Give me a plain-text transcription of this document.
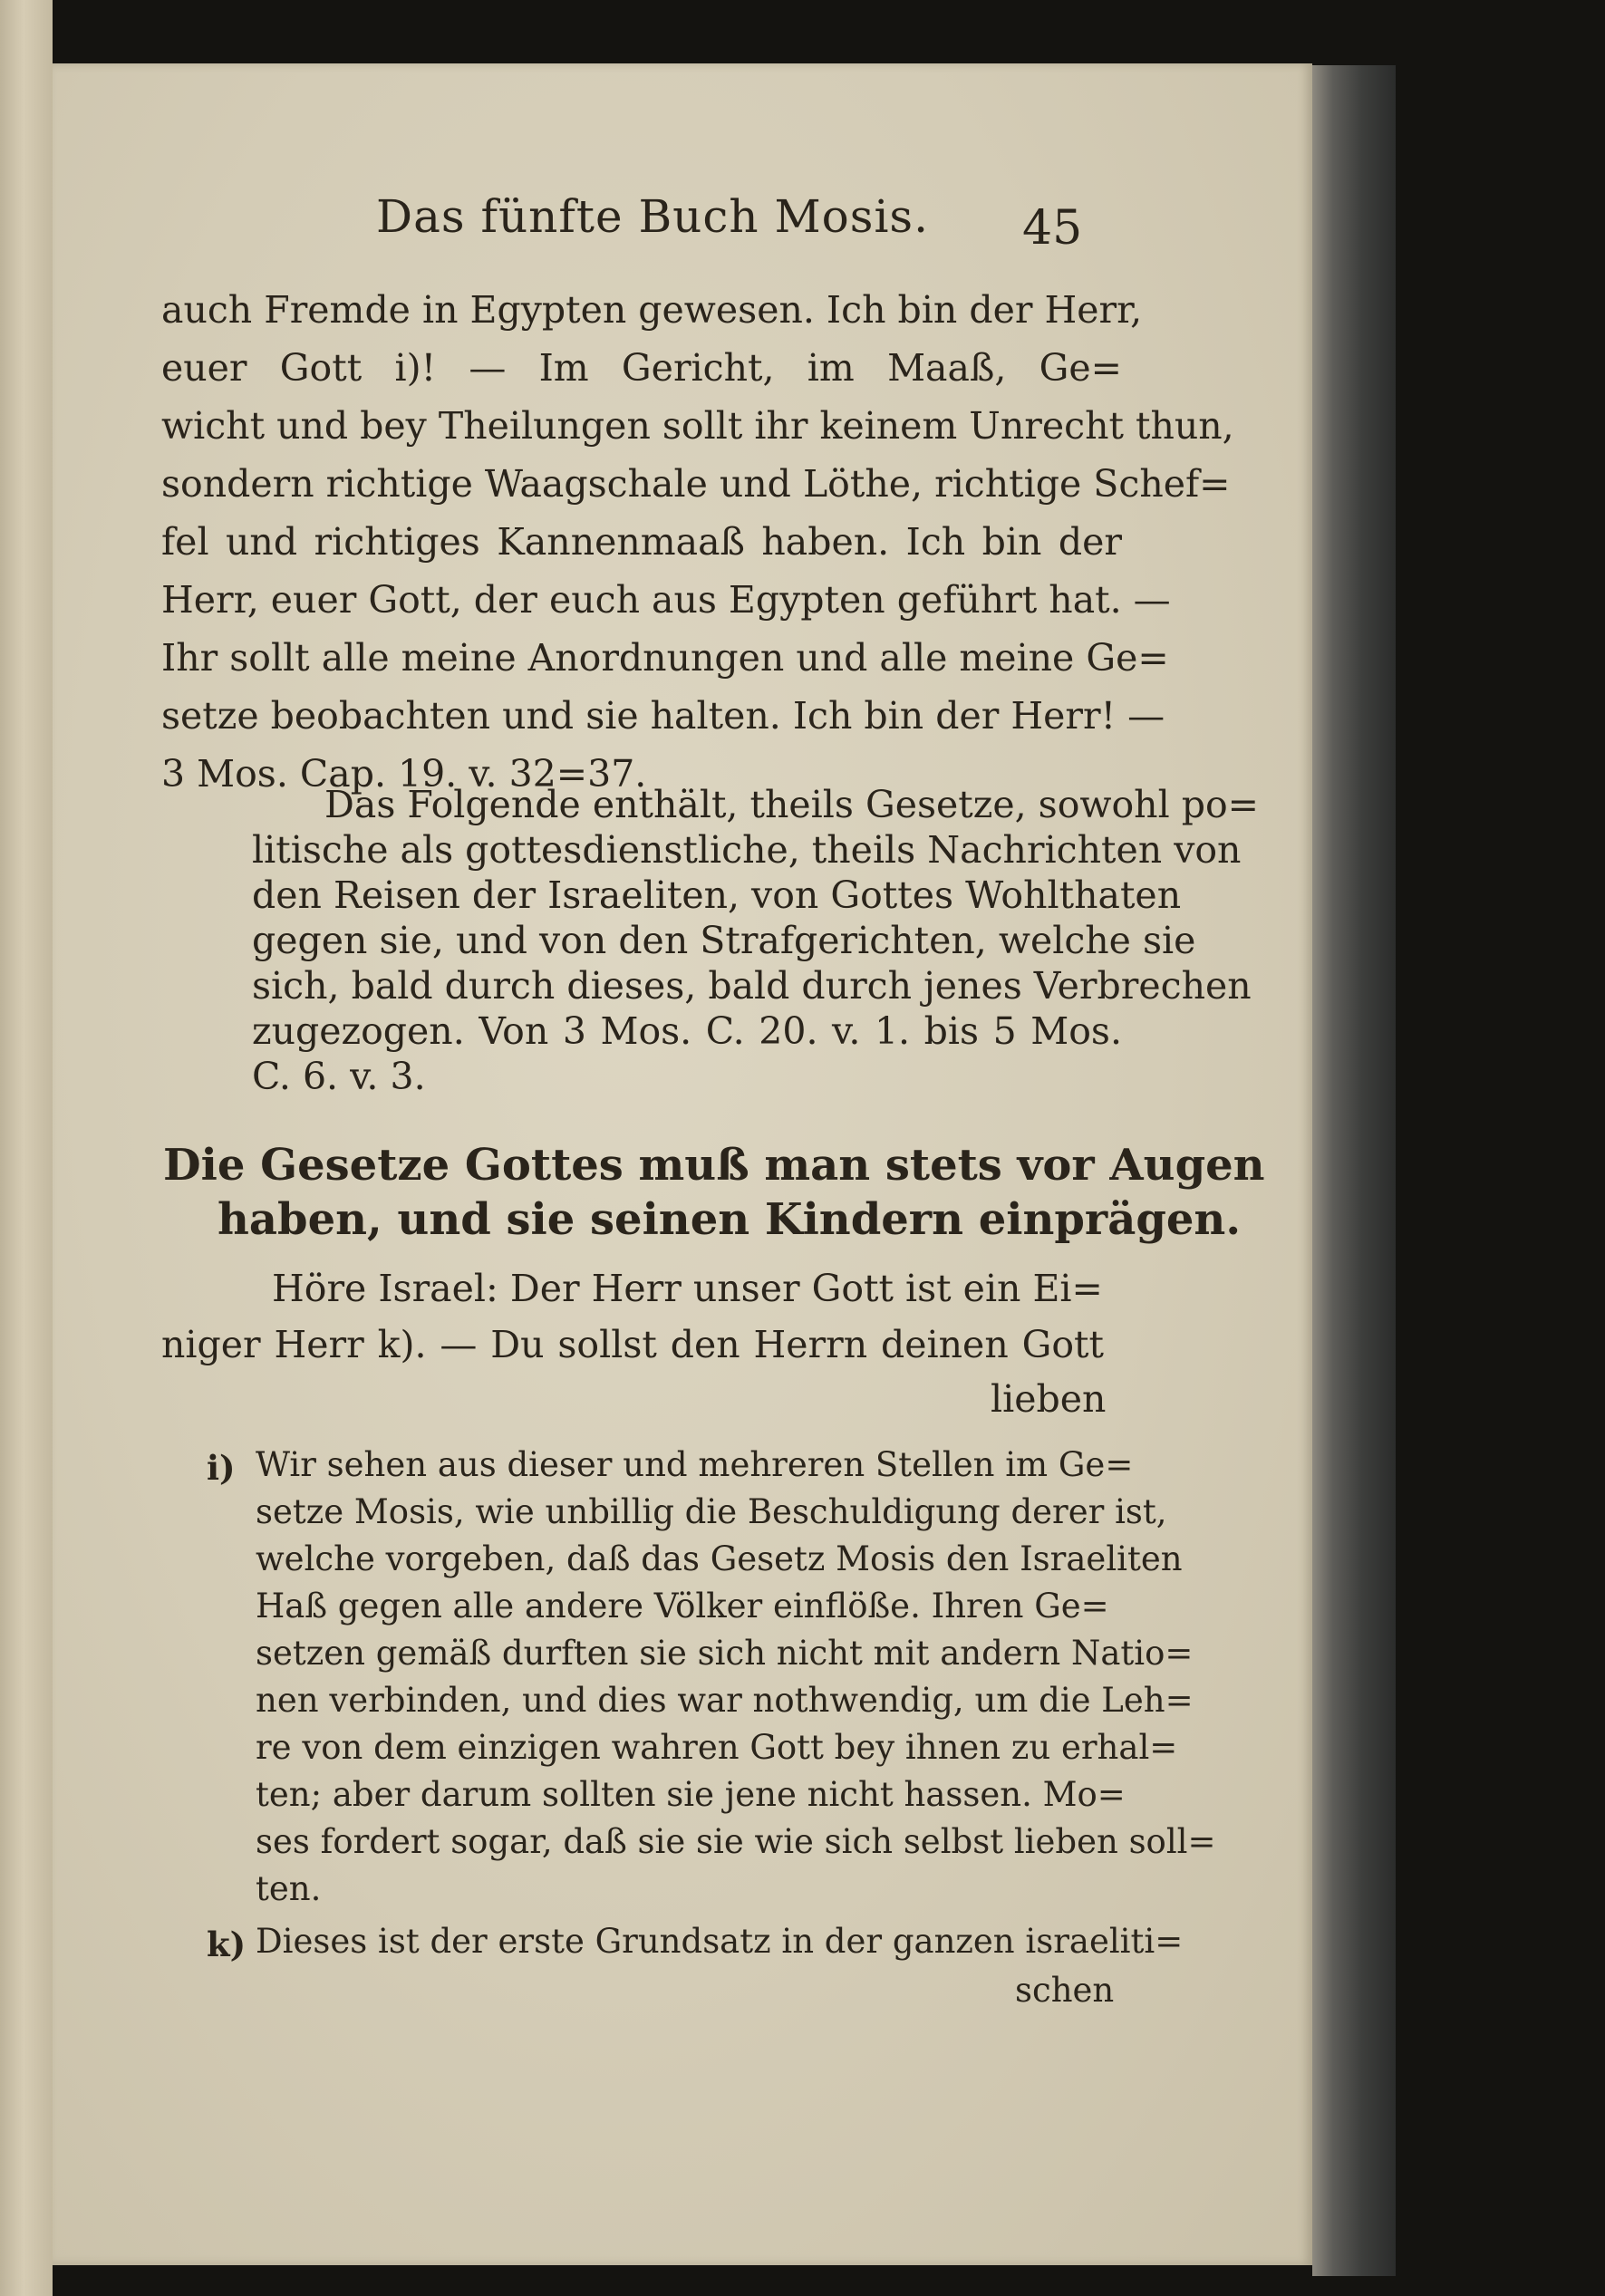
Das fünfte Buch Mosis. 45
auch Fremde in Egypten gewesen. Ich bin der Herr,
euer Gott i)! — Im Gericht, im Maaß, Ge=
wicht und bey Theilungen sollt ihr keinem Unrecht thun,
sondern richtige Waagschale und Löthe, richtige Schef=
fel und richtiges Kannenmaaß haben. Ich bin der
Herr, euer Gott, der euch aus Egypten geführt hat. —
Ihr sollt alle meine Anordnungen und alle meine Ge=
setze beobachten und sie halten. Ich bin der Herr! —
3 Mos. Cap. 19. v. 32=37.
Das Folgende enthält, theils Gesetze, sowohl po=
litische als gottesdienstliche, theils Nachrichten von
den Reisen der Israeliten, von Gottes Wohlthaten
gegen sie, und von den Strafgerichten, welche sie
sich, bald durch dieses, bald durch jenes Verbrechen
zugezogen. Von 3 Mos. C. 20. v. 1. bis 5 Mos.
C. 6. v. 3.
Die Gesetze Gottes muß man stets vor Augen
haben, und sie seinen Kindern einprägen.
Höre Israel: Der Herr unser Gott ist ein Ei=
niger Herr k). — Du sollst den Herrn deinen Gott
lieben
i) Wir sehen aus dieser und mehreren Stellen im Ge=
setze Mosis, wie unbillig die Beschuldigung derer ist,
welche vorgeben, daß das Gesetz Mosis den Israeliten
Haß gegen alle andere Völker einflöße. Ihren Ge=
setzen gemäß durften sie sich nicht mit andern Natio=
nen verbinden, und dies war nothwendig, um die Leh=
re von dem einzigen wahren Gott bey ihnen zu erhal=
ten; aber darum sollten sie jene nicht hassen. Mo=
ses fordert sogar, daß sie sie wie sich selbst lieben soll=
ten.
k) Dieses ist der erste Grundsatz in der ganzen israeliti=
schen
